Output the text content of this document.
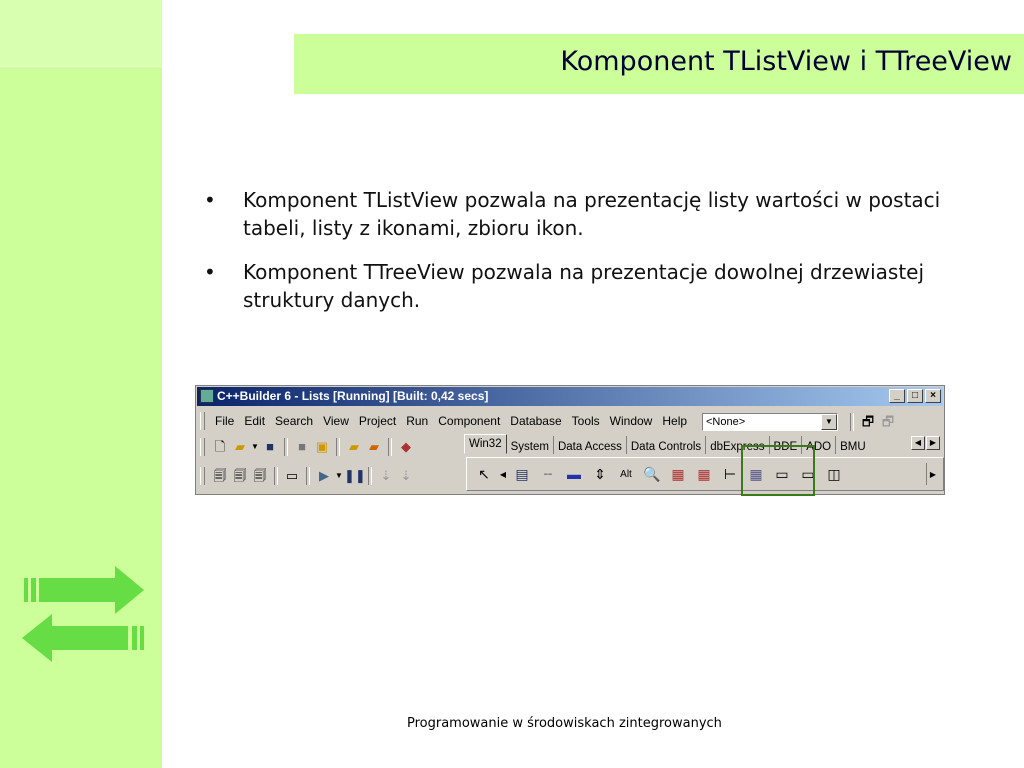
Komponent TListView i TTreeView
• Komponent TListView pozwala na prezentację listy wartości w postaci tabeli, listy z ikonami, zbioru ikon.
• Komponent TTreeView pozwala na prezentacje dowolnej drzewiastej struktury danych.
C++Builder 6 - Lists [Running] [Built: 0,42 secs]	_	□	×
File Edit Search View Project Run Component Database Tools Window Help	<None>	▼	🗗 🗗
🗋 ▰ ▼ ■	■ ▣	▰ ▰	◆
🗐 🗐 🗐 ▭	▶ ▼ ❚❚	⇣ ⇣
Win32 System Data Access Data Controls dbExpress BDE ADO BMU	◀	▶
↖	◀ ▤	╌	▬ ⇕	Alt 🔍 ▦ ▦ ⊢ ▦ ▭ ▭ ◫	▶
Programowanie w środowiskach zintegrowanych
